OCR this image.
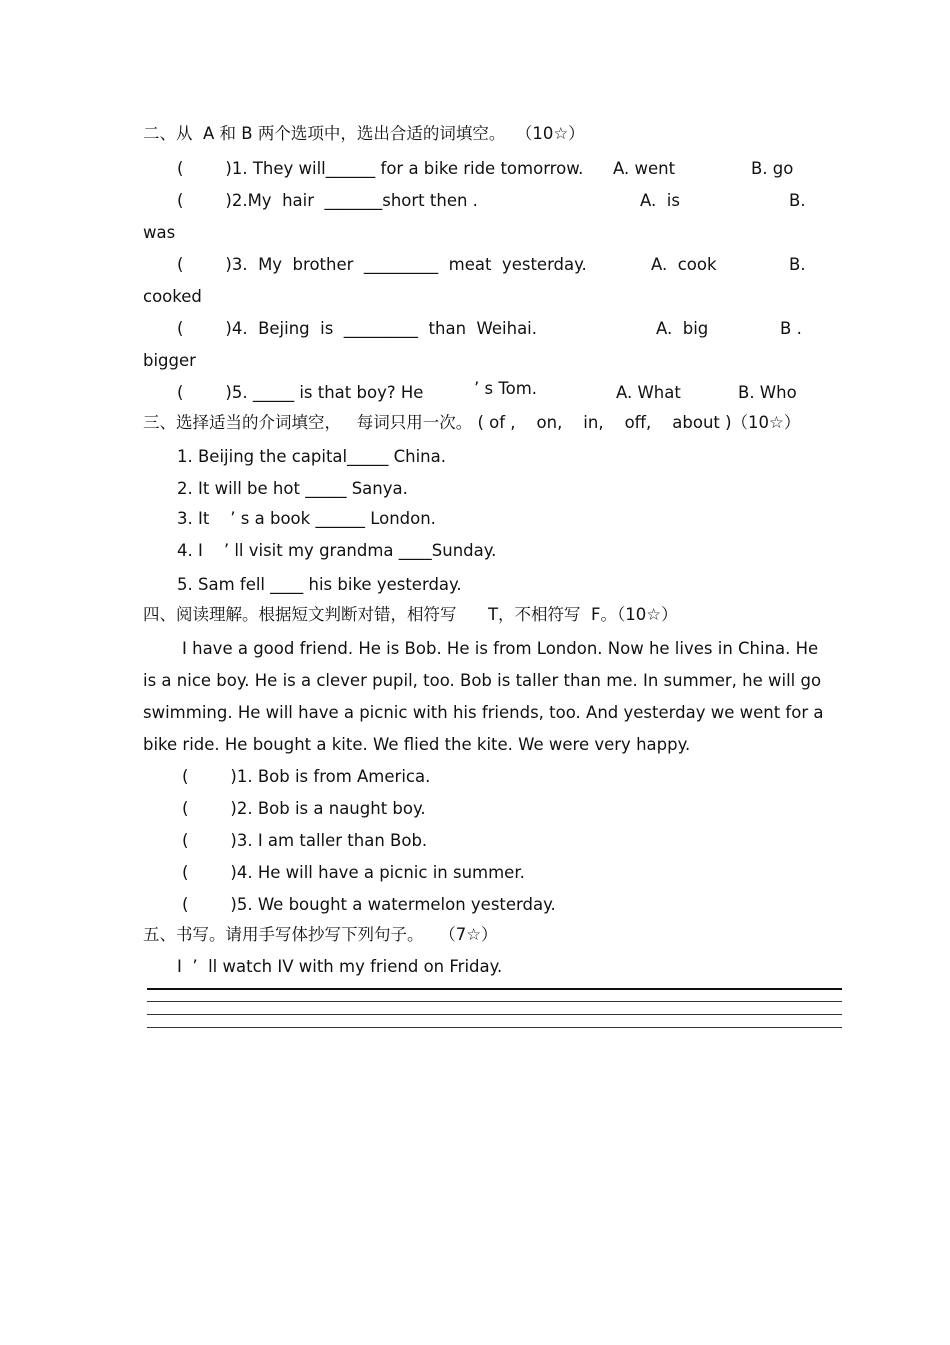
二、从  A 和 B 两个选项中，选出合适的词填空。  （10☆）
(        )1. They will______ for a bike ride tomorrow. A. went	B. go
(        )2.My  hair  _______short then .	A.  is	B.
was
(        )3.  My  brother  _________  meat  yesterday.	A.  cook	B.
cooked
(        )4.  Bejing  is  _________  than  Weihai.	A.  big	B .
bigger
(        )5. _____ is that boy? He	’ s Tom.	A. What	B. Who
三、选择适当的介词填空，   每词只用一次。 ( of ,    on,    in,    off,    about )（10☆）
1. Beijing the capital_____ China.
2. It will be hot _____ Sanya.
3. It    ’ s a book ______ London.
4. I    ’ ll visit my grandma ____Sunday.
5. Sam fell ____ his bike yesterday.
四、阅读理解。根据短文判断对错，相符写      T，不相符写  F。（10☆）
I have a good friend. He is Bob. He is from London. Now he lives in China. He
is a nice boy. He is a clever pupil, too. Bob is taller than me. In summer, he will go
swimming. He will have a picnic with his friends, too. And yesterday we went for a
bike ride. He bought a kite. We flied the kite. We were very happy.
(        )1. Bob is from America.
(        )2. Bob is a naught boy.
(        )3. I am taller than Bob.
(        )4. He will have a picnic in summer.
(        )5. We bought a watermelon yesterday.
五、书写。请用手写体抄写下列句子。   （7☆）
I  ’  ll watch IV with my friend on Friday.
